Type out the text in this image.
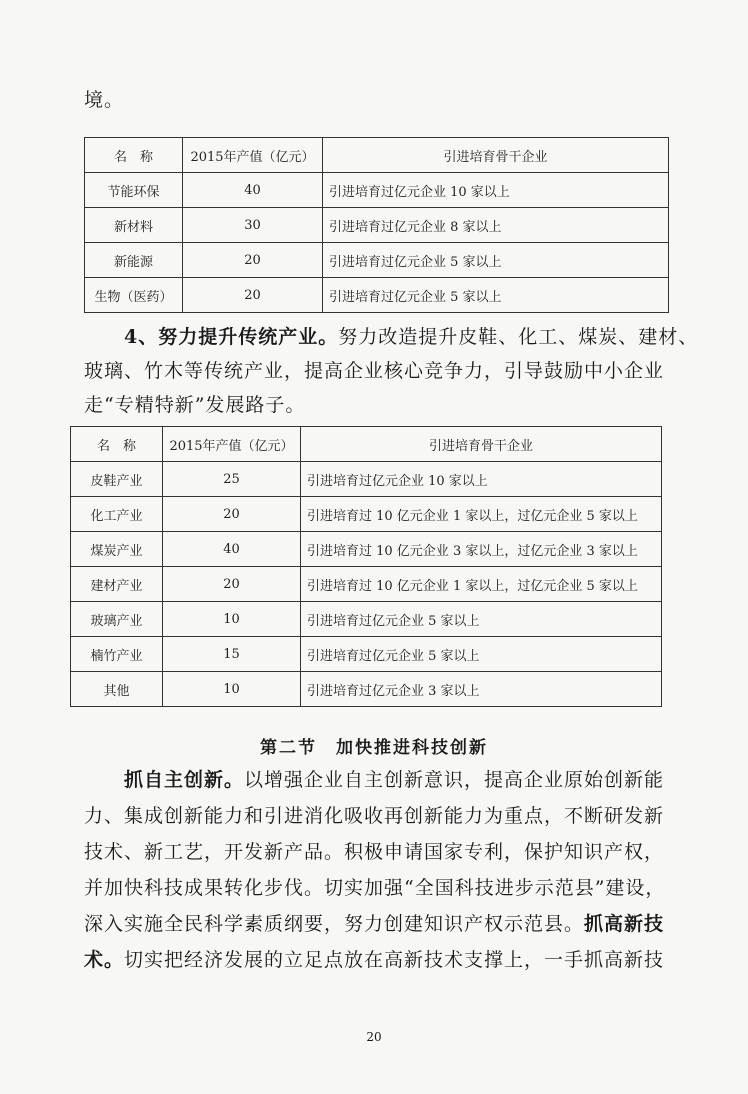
境。
名　称	2015年产值（亿元）	引进培育骨干企业
节能环保	40	引进培育过亿元企业 10 家以上
新材料	30	引进培育过亿元企业 8 家以上
新能源	20	引进培育过亿元企业 5 家以上
生物（医药）	20	引进培育过亿元企业 5 家以上
4、努力提升传统产业。努力改造提升皮鞋、化工、煤炭、建材、
玻璃、竹木等传统产业，提高企业核心竞争力，引导鼓励中小企业
走“专精特新”发展路子。
名　称	2015年产值（亿元）	引进培育骨干企业
皮鞋产业	25	引进培育过亿元企业 10 家以上
化工产业	20	引进培育过 10 亿元企业 1 家以上，过亿元企业 5 家以上
煤炭产业	40	引进培育过 10 亿元企业 3 家以上，过亿元企业 3 家以上
建材产业	20	引进培育过 10 亿元企业 1 家以上，过亿元企业 5 家以上
玻璃产业	10	引进培育过亿元企业 5 家以上
楠竹产业	15	引进培育过亿元企业 5 家以上
其他	10	引进培育过亿元企业 3 家以上
第二节　加快推进科技创新
抓自主创新。以增强企业自主创新意识，提高企业原始创新能
力、集成创新能力和引进消化吸收再创新能力为重点，不断研发新
技术、新工艺，开发新产品。积极申请国家专利，保护知识产权，
并加快科技成果转化步伐。切实加强“全国科技进步示范县”建设，
深入实施全民科学素质纲要，努力创建知识产权示范县。抓高新技
术。切实把经济发展的立足点放在高新技术支撑上，一手抓高新技
20
